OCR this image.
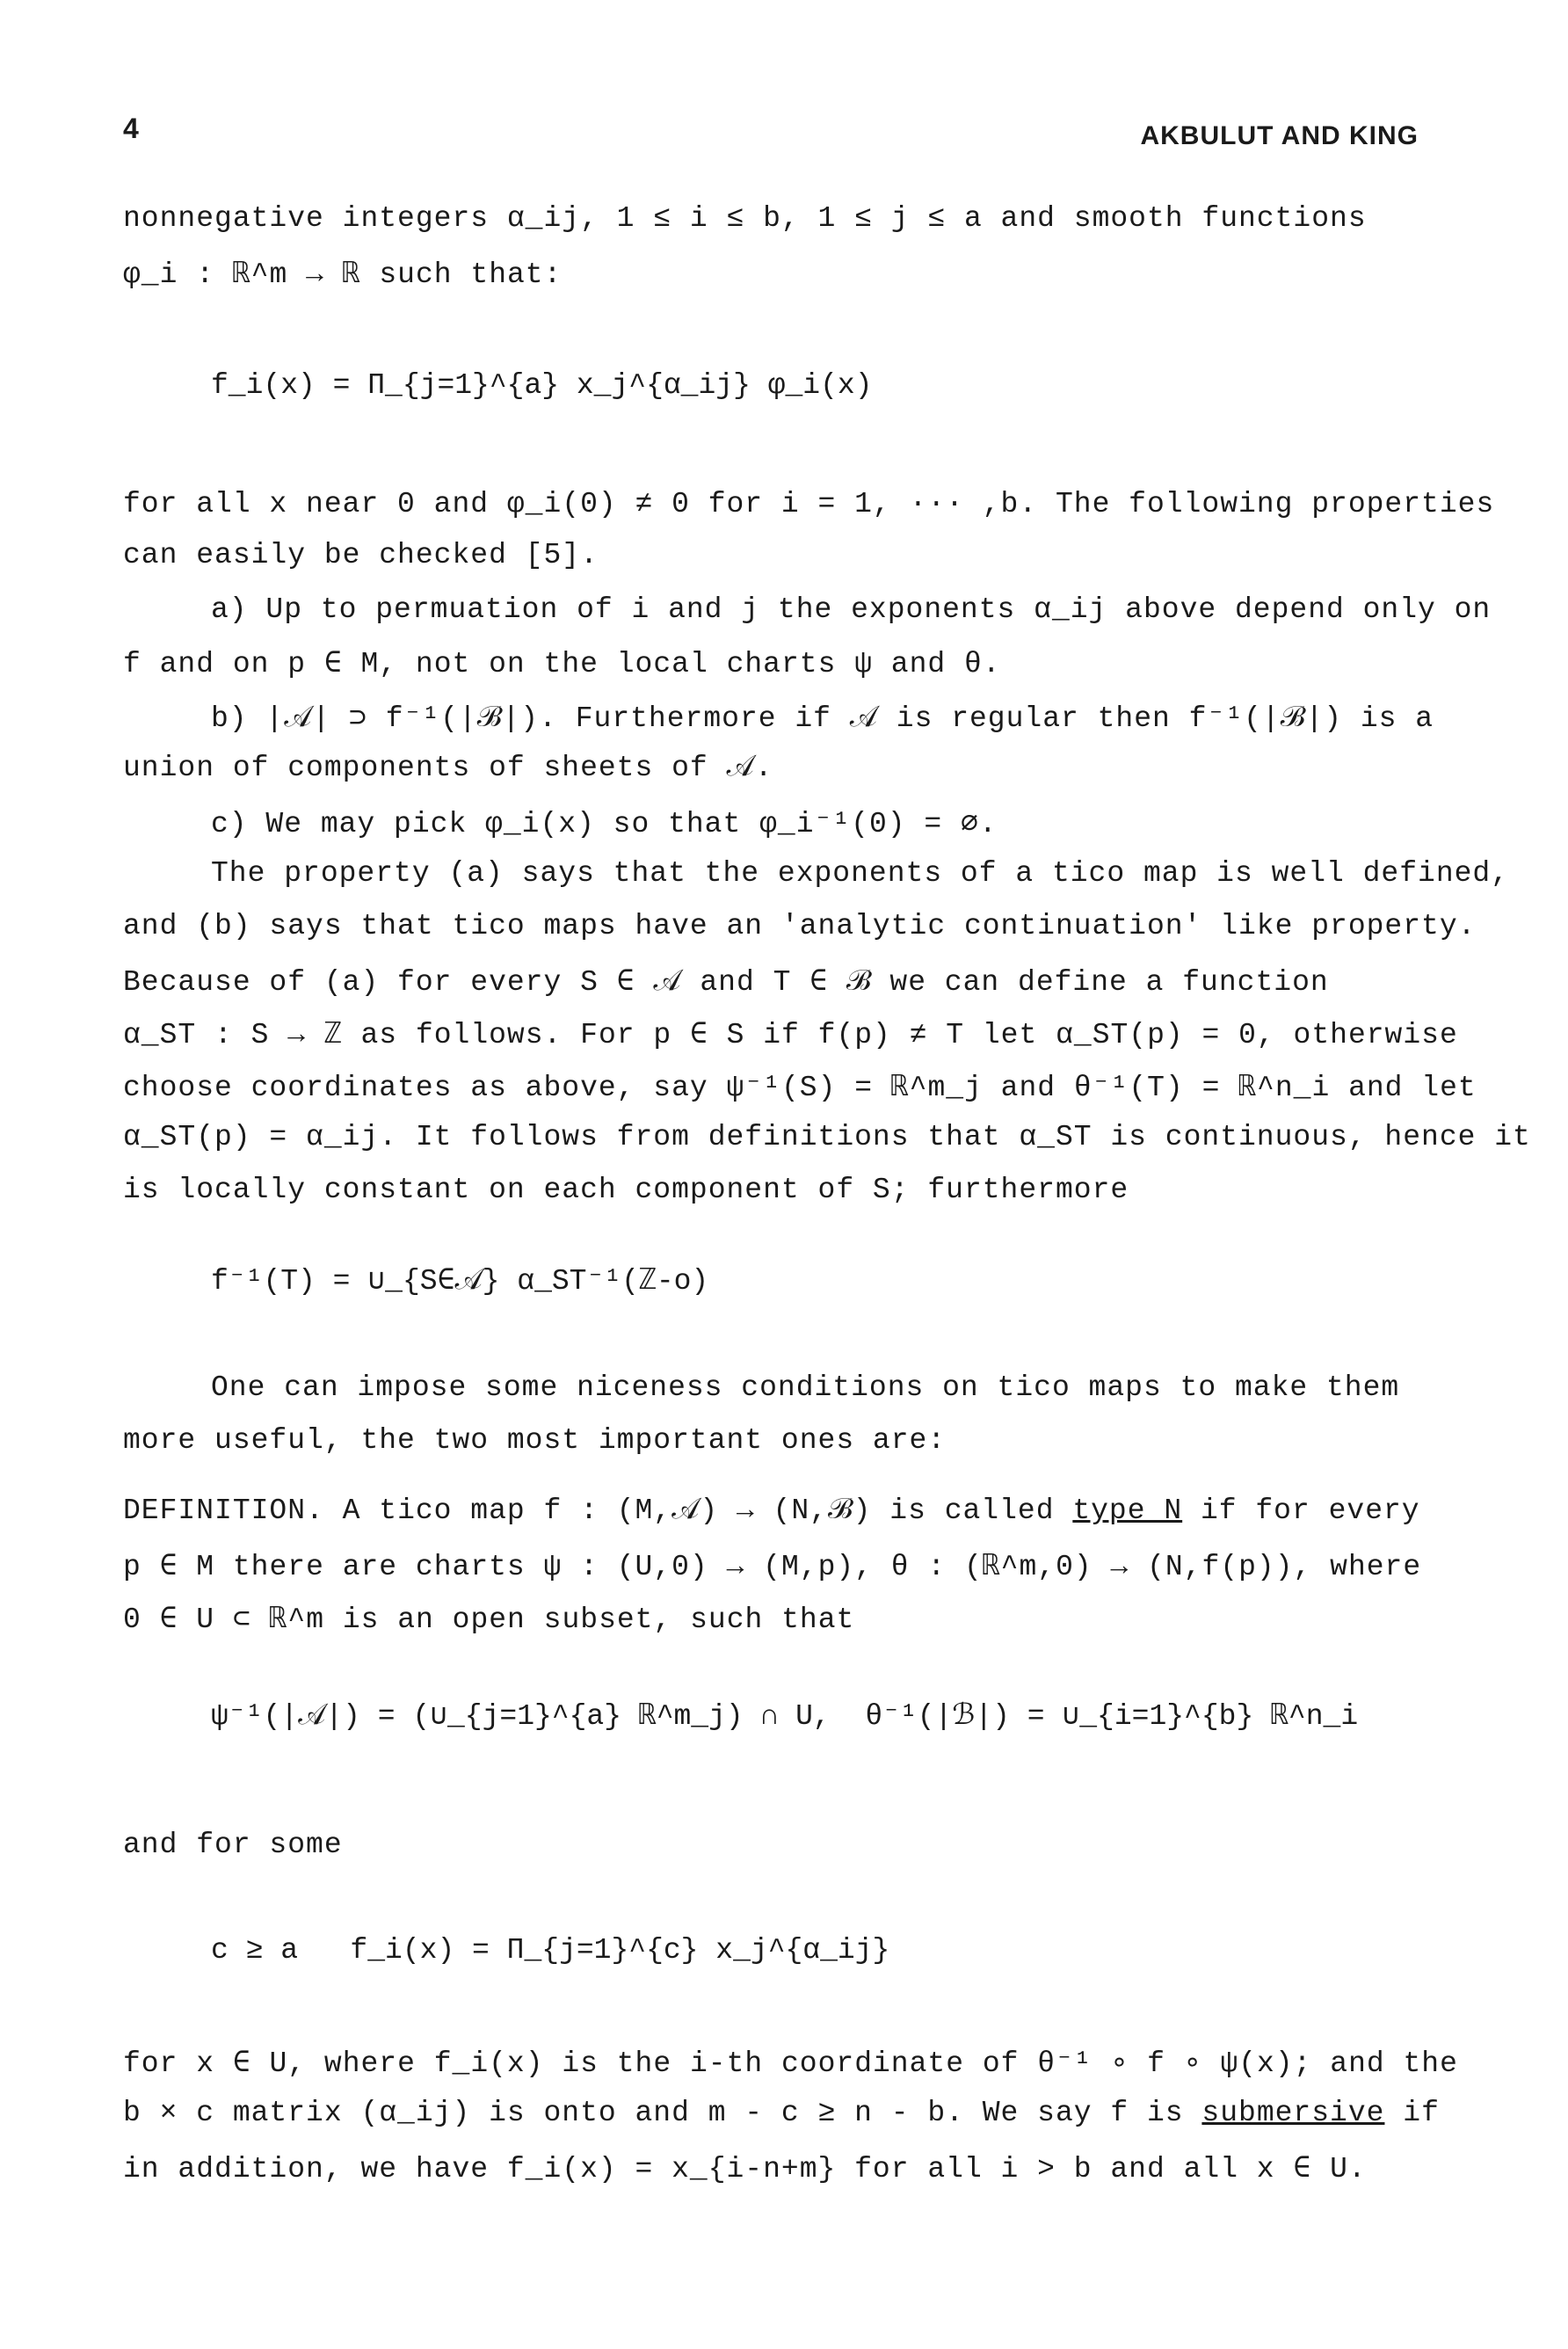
4	AKBULUT AND KING
nonnegative integers α_ij, 1 ≤ i ≤ b, 1 ≤ j ≤ a and smooth functions
φ_i : ℝ^m → ℝ such that:
f_i(x) = Π_{j=1}^{a} x_j^{α_ij} φ_i(x)
for all x near 0 and φ_i(0) ≠ 0 for i = 1, ··· ,b. The following properties
can easily be checked [5].
a) Up to permuation of i and j the exponents α_ij above depend only on
f and on p ∈ M, not on the local charts ψ and θ.
b) |𝒜| ⊃ f⁻¹(|ℬ|). Furthermore if 𝒜 is regular then f⁻¹(|ℬ|) is a
union of components of sheets of 𝒜.
c) We may pick φ_i(x) so that φ_i⁻¹(0) = ∅.
The property (a) says that the exponents of a tico map is well defined,
and (b) says that tico maps have an 'analytic continuation' like property.
Because of (a) for every S ∈ 𝒜 and T ∈ ℬ we can define a function
α_ST : S → ℤ as follows. For p ∈ S if f(p) ≠ T let α_ST(p) = 0, otherwise
choose coordinates as above, say ψ⁻¹(S) = ℝ^m_j and θ⁻¹(T) = ℝ^n_i and let
α_ST(p) = α_ij. It follows from definitions that α_ST is continuous, hence it
is locally constant on each component of S; furthermore
f⁻¹(T) = ∪_{S∈𝒜} α_ST⁻¹(ℤ-o)
One can impose some niceness conditions on tico maps to make them
more useful, the two most important ones are:
DEFINITION. A tico map f : (M,𝒜) → (N,ℬ) is called type N if for every
p ∈ M there are charts ψ : (U,0) → (M,p), θ : (ℝ^m,0) → (N,f(p)), where
0 ∈ U ⊂ ℝ^m is an open subset, such that
ψ⁻¹(|𝒜|) = (∪_{j=1}^{a} ℝ^m_j) ∩ U,  θ⁻¹(|ℬ|) = ∪_{i=1}^{b} ℝ^n_i
and for some
c ≥ a   f_i(x) = Π_{j=1}^{c} x_j^{α_ij}
for x ∈ U, where f_i(x) is the i-th coordinate of θ⁻¹ ∘ f ∘ ψ(x); and the
b × c matrix (α_ij) is onto and m - c ≥ n - b. We say f is submersive if
in addition, we have f_i(x) = x_{i-n+m} for all i > b and all x ∈ U.
